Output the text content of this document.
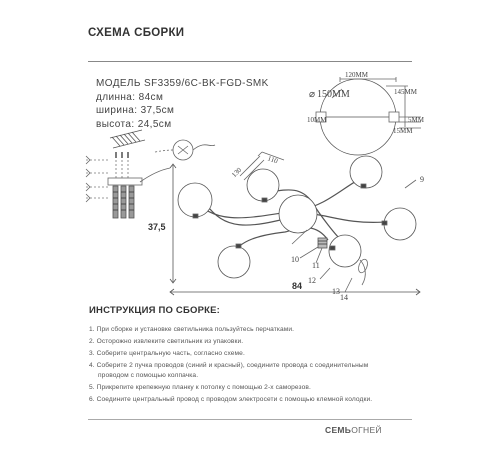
СХЕМА СБОРКИ
МОДЕЛЬ SF3359/6C-BK-FGD-SMK
длинна: 84см
ширина: 37,5см
высота: 24,5см
⌀ 150MM
120MM
145MM
5MM
10MM
15MM
130
110
9
10
11
12
13
14
37,5
84
ИНСТРУКЦИЯ ПО СБОРКЕ:
1. При сборке и установке светильника пользуйтесь перчатками.
2. Осторожно извлеките светильник из упаковки.
3. Соберите центральную часть, согласно схеме.
4. Соберите 2 пучка проводов (синий и красный), соедините провода с соединительным
проводом с помощью колпачка.
5. Прикрепите крепежную планку к потолку с помощью 2-х саморезов.
6. Соедините центральный провод с проводом электросети с помощью клемной колодки.
СЕМЬОГНЕЙ
